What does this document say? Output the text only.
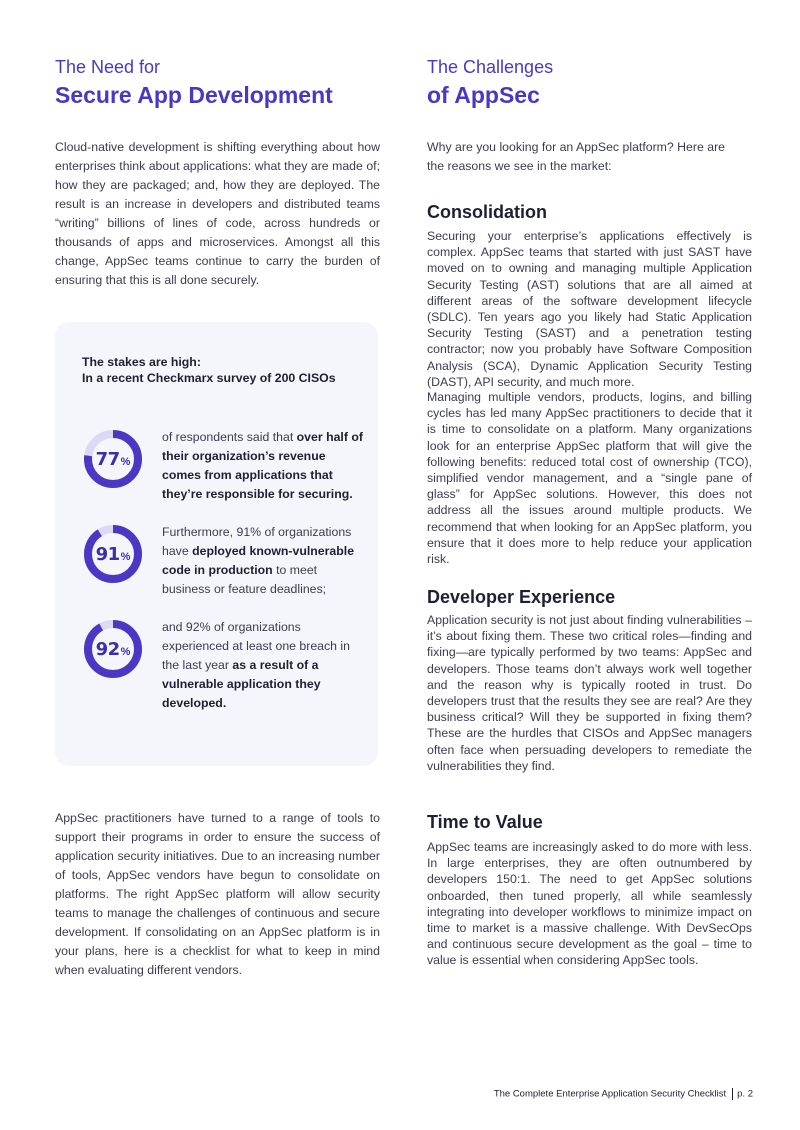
The Need for
Secure App Development

Cloud-native development is shifting everything about how enterprises think about applications: what they are made of; how they are packaged; and, how they are deployed. The result is an increase in developers and distributed teams “writing” billions of lines of code, across hundreds or thousands of apps and microservices. Amongst all this change, AppSec teams continue to carry the burden of ensuring that this is all done securely.

AppSec practitioners have turned to a range of tools to support their programs in order to ensure the success of application security initiatives. Due to an increasing number of tools, AppSec vendors have begun to consolidate on platforms. The right AppSec platform will allow security teams to manage the challenges of continuous and secure development. If consolidating on an AppSec platform is in your plans, here is a checklist for what to keep in mind when evaluating different vendors.

The stakes are high:
In a recent Checkmarx survey of 200 CISOs
77 %
of respondents said that over half of their organization’s revenue comes from applications that they’re responsible for securing.
91 %
Furthermore, 91% of organizations have deployed known-vulnerable code in production to meet business or feature deadlines;
92 %
and 92% of organizations experienced at least one breach in the last year as a result of a vulnerable application they developed.
The Challenges
of AppSec

Why are you looking for an AppSec platform? Here are the reasons we see in the market:

Consolidation

Securing your enterprise’s applications effectively is complex. AppSec teams that started with just SAST have moved on to owning and managing multiple Application Security Testing (AST) solutions that are all aimed at different areas of the software development lifecycle (SDLC). Ten years ago you likely had Static Application Security Testing (SAST) and a penetration testing contractor; now you probably have Software Composition Analysis (SCA), Dynamic Application Security Testing (DAST), API security, and much more.

Managing multiple vendors, products, logins, and billing cycles has led many AppSec practitioners to decide that it is time to consolidate on a platform. Many organizations look for an enterprise AppSec platform that will give the following benefits: reduced total cost of ownership (TCO), simplified vendor management, and a “single pane of glass” for AppSec solutions. However, this does not address all the issues around multiple products. We recommend that when looking for an AppSec platform, you ensure that it does more to help reduce your application risk.

Developer Experience

Application security is not just about finding vulnerabilities – it’s about fixing them. These two critical roles—finding and fixing—are typically performed by two teams: AppSec and developers. Those teams don’t always work well together and the reason why is typically rooted in trust. Do developers trust that the results they see are real? Are they business critical? Will they be supported in fixing them? These are the hurdles that CISOs and AppSec managers often face when persuading developers to remediate the vulnerabilities they find.

Time to Value

AppSec teams are increasingly asked to do more with less. In large enterprises, they are often outnumbered by developers 150:1. The need to get AppSec solutions onboarded, then tuned properly, all while seamlessly integrating into developer workflows to minimize impact on time to market is a massive challenge. With DevSecOps and continuous secure development as the goal – time to value is essential when considering AppSec tools.

The Complete Enterprise Application Security Checklist p. 2
